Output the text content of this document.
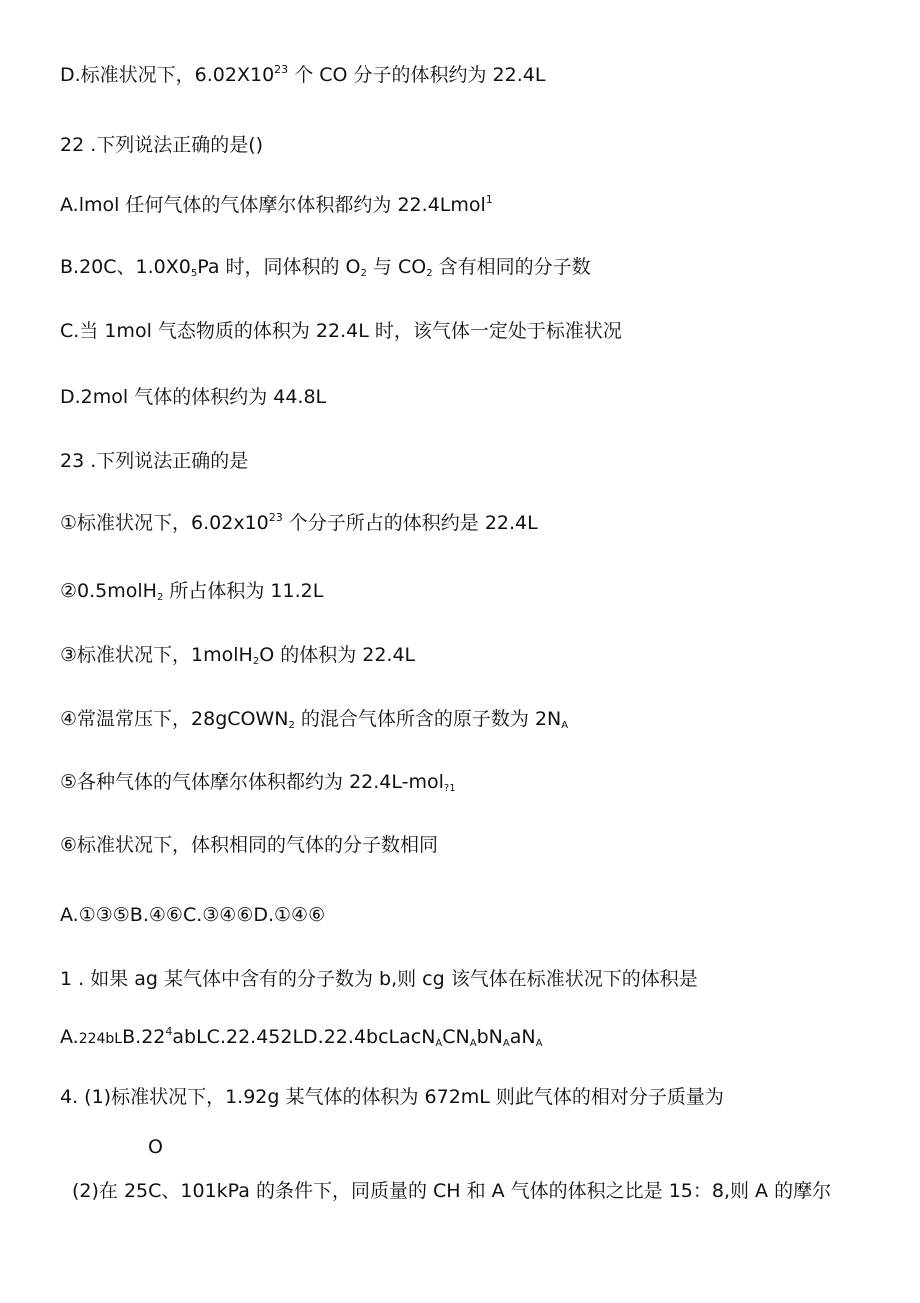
D.标准状况下，$6.02X10^{23}$ 个 CO 分子的体积约为 22.4L
22 .下列说法正确的是()
A.lmol 任何气体的气体摩尔体积都约为 22.4Lmol$^1$
B.20C、$1.0X0_5Pa$ 时，同体积的 $O_2$ 与 $CO_2$ 含有相同的分子数
C.当 1mol 气态物质的体积为 22.4L 时，该气体一定处于标准状况
D.2mol 气体的体积约为 44.8L
23 .下列说法正确的是
①标准状况下，$6.02x10^{23}$ 个分子所占的体积约是 22.4L
②0.5molH$_2$ 所占体积为 11.2L
③标准状况下，1molH$_2$O 的体积为 22.4L
④常温常压下，28gCOWN$_2$ 的混合气体所含的原子数为 $2N_A$
⑤各种气体的气体摩尔体积都约为 22.4L-mol$_{?1}$
⑥标准状况下，体积相同的气体的分子数相同
A.①③⑤B.④⑥C.③④⑥D.①④⑥
1 . 如果 ag 某气体中含有的分子数为 b,则 cg 该气体在标准状况下的体积是
$A.224bLB.22^4abLC.22.452LD.22.4bcLacN_ACN_AbN_AaN_A$
4. (1)标准状况下，1.92g 某气体的体积为 672mL 则此气体的相对分子质量为
O
(2)在 25C、101kPa 的条件下，同质量的 CH 和 A 气体的体积之比是 15：8,则 A 的摩尔
